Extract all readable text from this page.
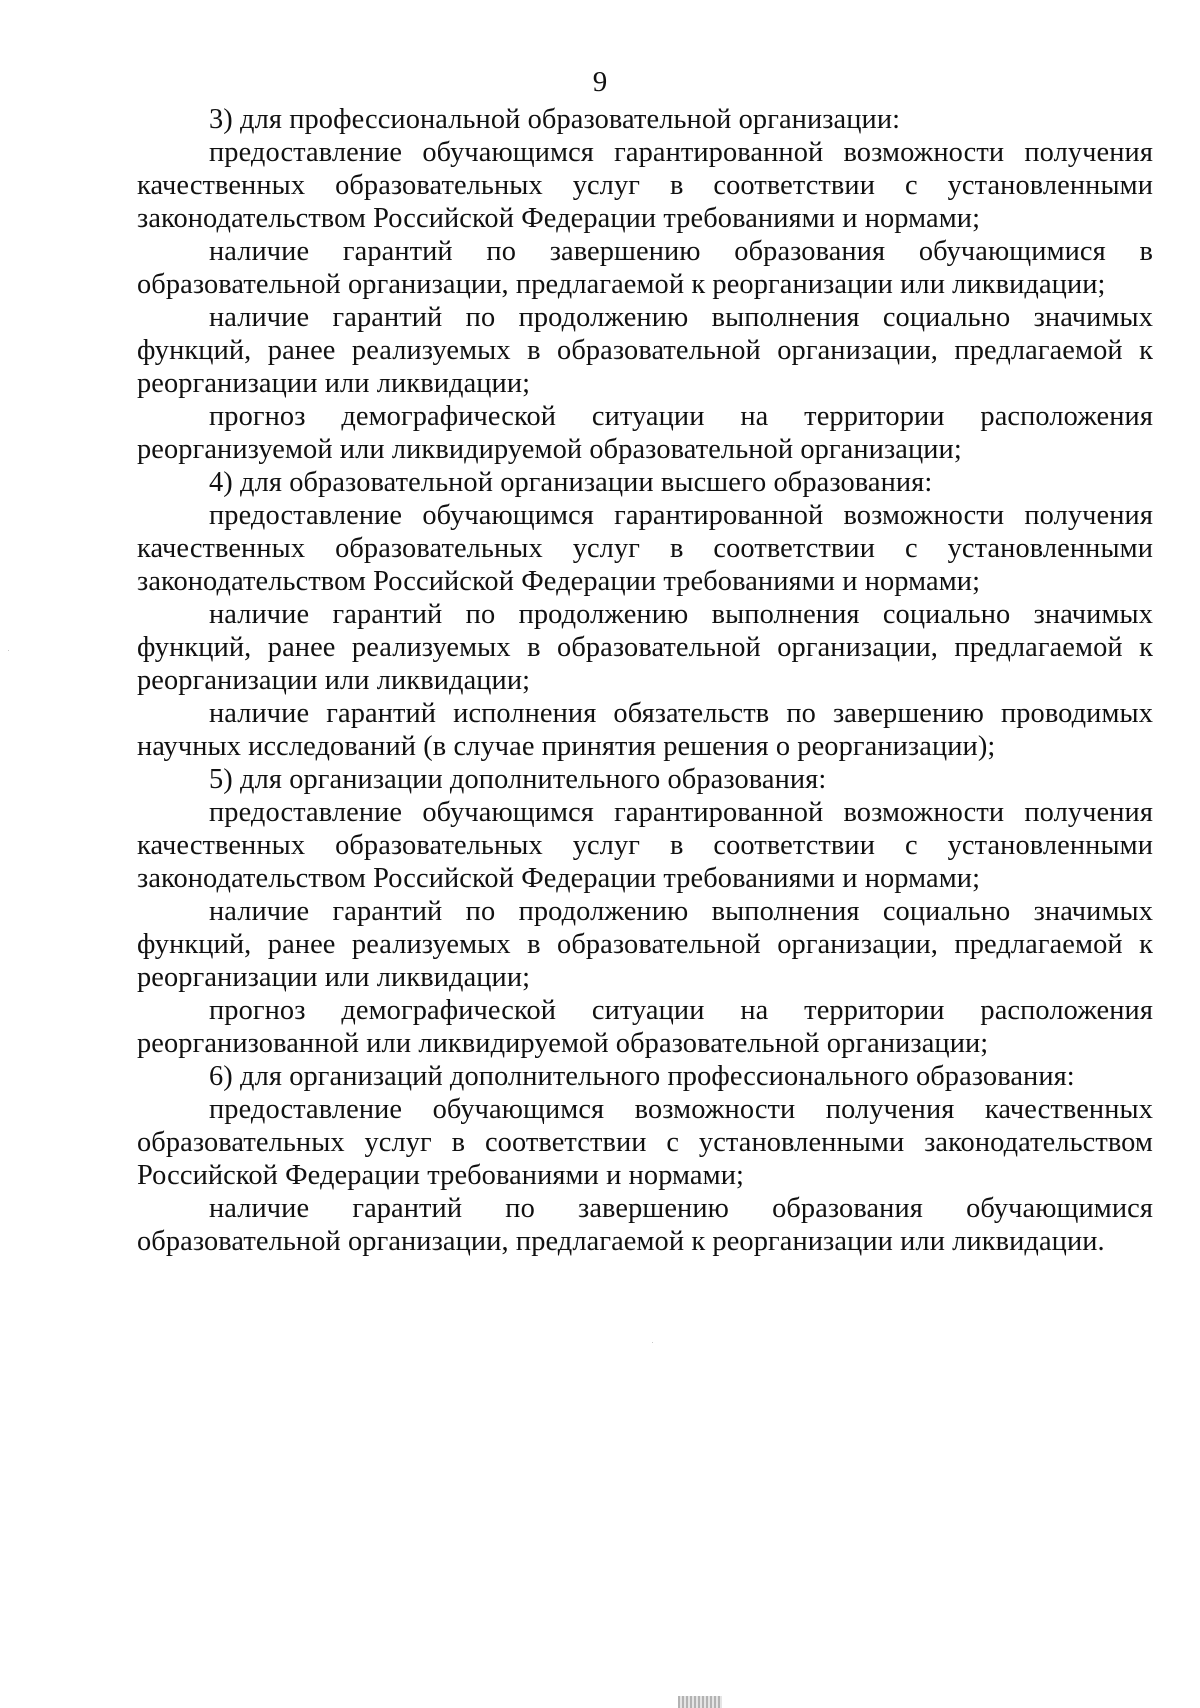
9

3) для профессиональной образовательной организации:

предоставление обучающимся гарантированной возможности получения качественных образовательных услуг в соответствии с установленными законодательством Российской Федерации требованиями и нормами;

наличие гарантий по завершению образования обучающимися в образовательной организации, предлагаемой к реорганизации или ликвидации;

наличие гарантий по продолжению выполнения социально значимых функций, ранее реализуемых в образовательной организации, предлагаемой к реорганизации или ликвидации;

прогноз демографической ситуации на территории расположения реорганизуемой или ликвидируемой образовательной организации;

4) для образовательной организации высшего образования:

предоставление обучающимся гарантированной возможности получения качественных образовательных услуг в соответствии с установленными законодательством Российской Федерации требованиями и нормами;

наличие гарантий по продолжению выполнения социально значимых функций, ранее реализуемых в образовательной организации, предлагаемой к реорганизации или ликвидации;

наличие гарантий исполнения обязательств по завершению проводимых научных исследований (в случае принятия решения о реорганизации);

5) для организации дополнительного образования:

предоставление обучающимся гарантированной возможности получения качественных образовательных услуг в соответствии с установленными законодательством Российской Федерации требованиями и нормами;

наличие гарантий по продолжению выполнения социально значимых функций, ранее реализуемых в образовательной организации, предлагаемой к реорганизации или ликвидации;

прогноз демографической ситуации на территории расположения реорганизованной или ликвидируемой образовательной организации;

6) для организаций дополнительного профессионального образования:

предоставление обучающимся возможности получения качественных образовательных услуг в соответствии с установленными законодательством Российской Федерации требованиями и нормами;

наличие гарантий по завершению образования обучающимися образовательной организации, предлагаемой к реорганизации или ликвидации.
